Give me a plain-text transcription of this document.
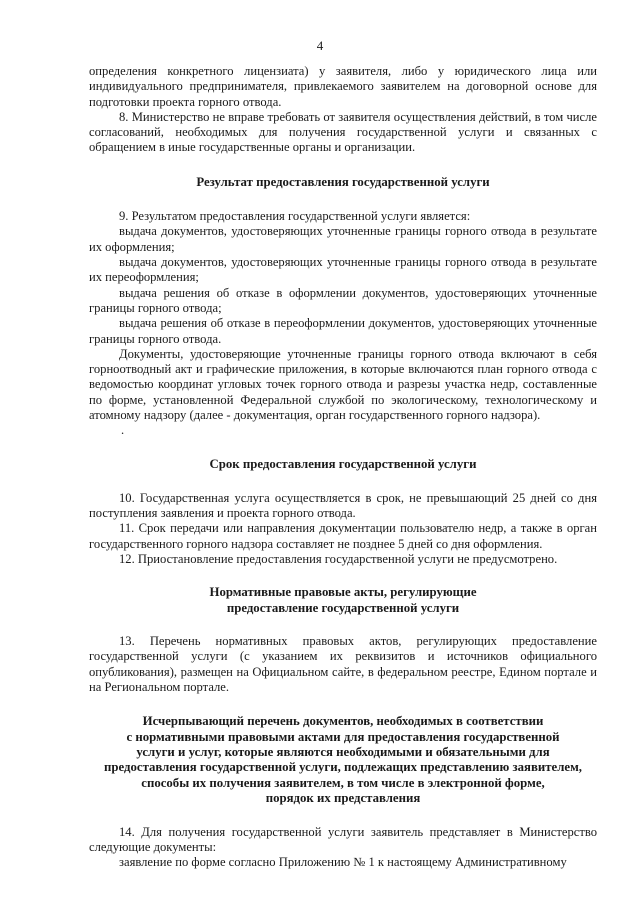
4

определения конкретного лицензиата) у заявителя, либо у юридического лица или индивидуального предпринимателя, привлекаемого заявителем на договорной основе для подготовки проекта горного отвода.

8. Министерство не вправе требовать от заявителя осуществления действий, в том числе согласований, необходимых для получения государственной услуги и связанных с обращением в иные государственные органы и организации.

Результат предоставления государственной услуги

9. Результатом предоставления государственной услуги является:

выдача документов, удостоверяющих уточненные границы горного отвода в результате их оформления;

выдача документов, удостоверяющих уточненные границы горного отвода в результате их переоформления;

выдача решения об отказе в оформлении документов, удостоверяющих уточненные границы горного отвода;

выдача решения об отказе в переоформлении документов, удостоверяющих уточненные границы горного отвода.

Документы, удостоверяющие уточненные границы горного отвода включают в себя горноотводный акт и графические приложения, в которые включаются план горного отвода с ведомостью координат угловых точек горного отвода и разрезы участка недр, составленные по форме, установленной Федеральной службой по экологическому, технологическому и атомному надзору (далее - документация, орган государственного горного надзора).

.
Срок предоставления государственной услуги

10. Государственная услуга осуществляется в срок, не превышающий 25 дней со дня поступления заявления и проекта горного отвода.

11. Срок передачи или направления документации пользователю недр, а также в орган государственного горного надзора составляет не позднее 5 дней со дня оформления.

12. Приостановление предоставления государственной услуги не предусмотрено.

Нормативные правовые акты, регулирующие
предоставление государственной услуги

13. Перечень нормативных правовых актов, регулирующих предоставление государственной услуги (с указанием их реквизитов и источников официального опубликования), размещен на Официальном сайте, в федеральном реестре, Едином портале и на Региональном портале.

Исчерпывающий перечень документов, необходимых в соответствии
с нормативными правовыми актами для предоставления государственной
услуги и услуг, которые являются необходимыми и обязательными для
предоставления государственной услуги, подлежащих представлению заявителем,
способы их получения заявителем, в том числе в электронной форме,
порядок их представления

14. Для получения государственной услуги заявитель представляет в Министерство следующие документы:

заявление по форме согласно Приложению № 1 к настоящему Административному
